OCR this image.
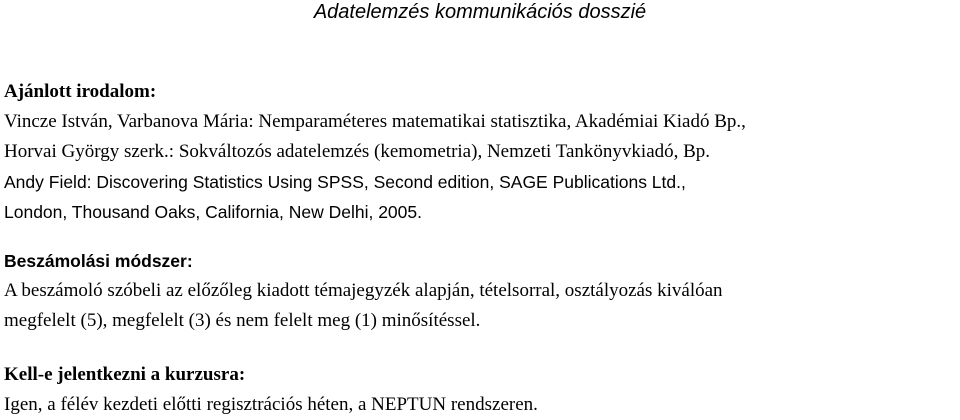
Adatelemzés kommunikációs dosszié

Ajánlott irodalom:

Vincze István, Varbanova Mária: Nemparaméteres matematikai statisztika, Akadémiai Kiadó Bp.,

Horvai György szerk.: Sokváltozós adatelemzés (kemometria), Nemzeti Tankönyvkiadó, Bp.

Andy Field: Discovering Statistics Using SPSS, Second edition, SAGE Publications Ltd.,

London, Thousand Oaks, California, New Delhi, 2005.

Beszámolási módszer:

A beszámoló szóbeli az előzőleg kiadott témajegyzék alapján, tételsorral, osztályozás kiválóan

megfelelt (5), megfelelt (3) és nem felelt meg (1) minősítéssel.

Kell-e jelentkezni a kurzusra:

Igen, a félév kezdeti előtti regisztrációs héten, a NEPTUN rendszeren.
